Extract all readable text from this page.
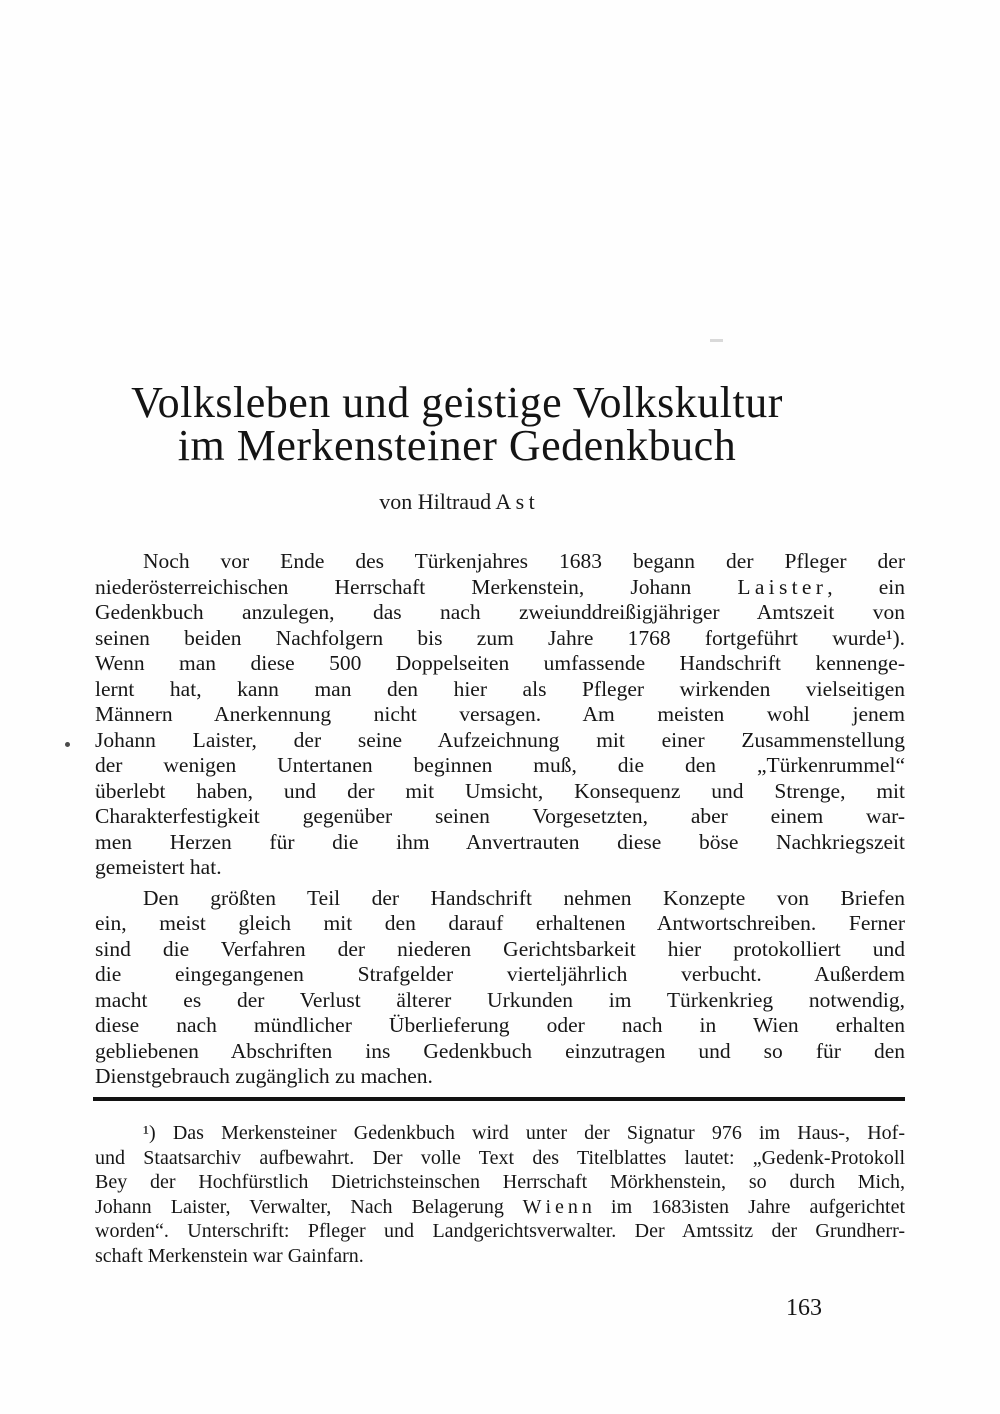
Volksleben und geistige Volkskultur
im Merkensteiner Gedenkbuch
von Hiltraud A s t
Noch vor Ende des Türkenjahres 1683 begann der Pfleger der
niederösterreichischen Herrschaft Merkenstein, Johann L a i s t e r , ein
Gedenkbuch anzulegen, das nach zweiunddreißigjähriger Amtszeit von
seinen beiden Nachfolgern bis zum Jahre 1768 fortgeführt wurde¹).
Wenn man diese 500 Doppelseiten umfassende Handschrift kennenge-
lernt hat, kann man den hier als Pfleger wirkenden vielseitigen
Männern Anerkennung nicht versagen. Am meisten wohl jenem
Johann Laister, der seine Aufzeichnung mit einer Zusammenstellung
der wenigen Untertanen beginnen muß, die den „Türkenrummel“
überlebt haben, und der mit Umsicht, Konsequenz und Strenge, mit
Charakterfestigkeit gegenüber seinen Vorgesetzten, aber einem war-
men Herzen für die ihm Anvertrauten diese böse Nachkriegszeit
gemeistert hat.
Den größten Teil der Handschrift nehmen Konzepte von Briefen
ein, meist gleich mit den darauf erhaltenen Antwortschreiben. Ferner
sind die Verfahren der niederen Gerichtsbarkeit hier protokolliert und
die eingegangenen Strafgelder vierteljährlich verbucht. Außerdem
macht es der Verlust älterer Urkunden im Türkenkrieg notwendig,
diese nach mündlicher Überlieferung oder nach in Wien erhalten
gebliebenen Abschriften ins Gedenkbuch einzutragen und so für den
Dienstgebrauch zugänglich zu machen.
¹) Das Merkensteiner Gedenkbuch wird unter der Signatur 976 im Haus-, Hof-
und Staatsarchiv aufbewahrt. Der volle Text des Titelblattes lautet: „Gedenk-Protokoll
Bey der Hochfürstlich Dietrichsteinschen Herrschaft Mörkhenstein, so durch Mich,
Johann Laister, Verwalter, Nach Belagerung W i e n n im 1683isten Jahre aufgerichtet
worden“. Unterschrift: Pfleger und Landgerichtsverwalter. Der Amtssitz der Grundherr-
schaft Merkenstein war Gainfarn.
163
